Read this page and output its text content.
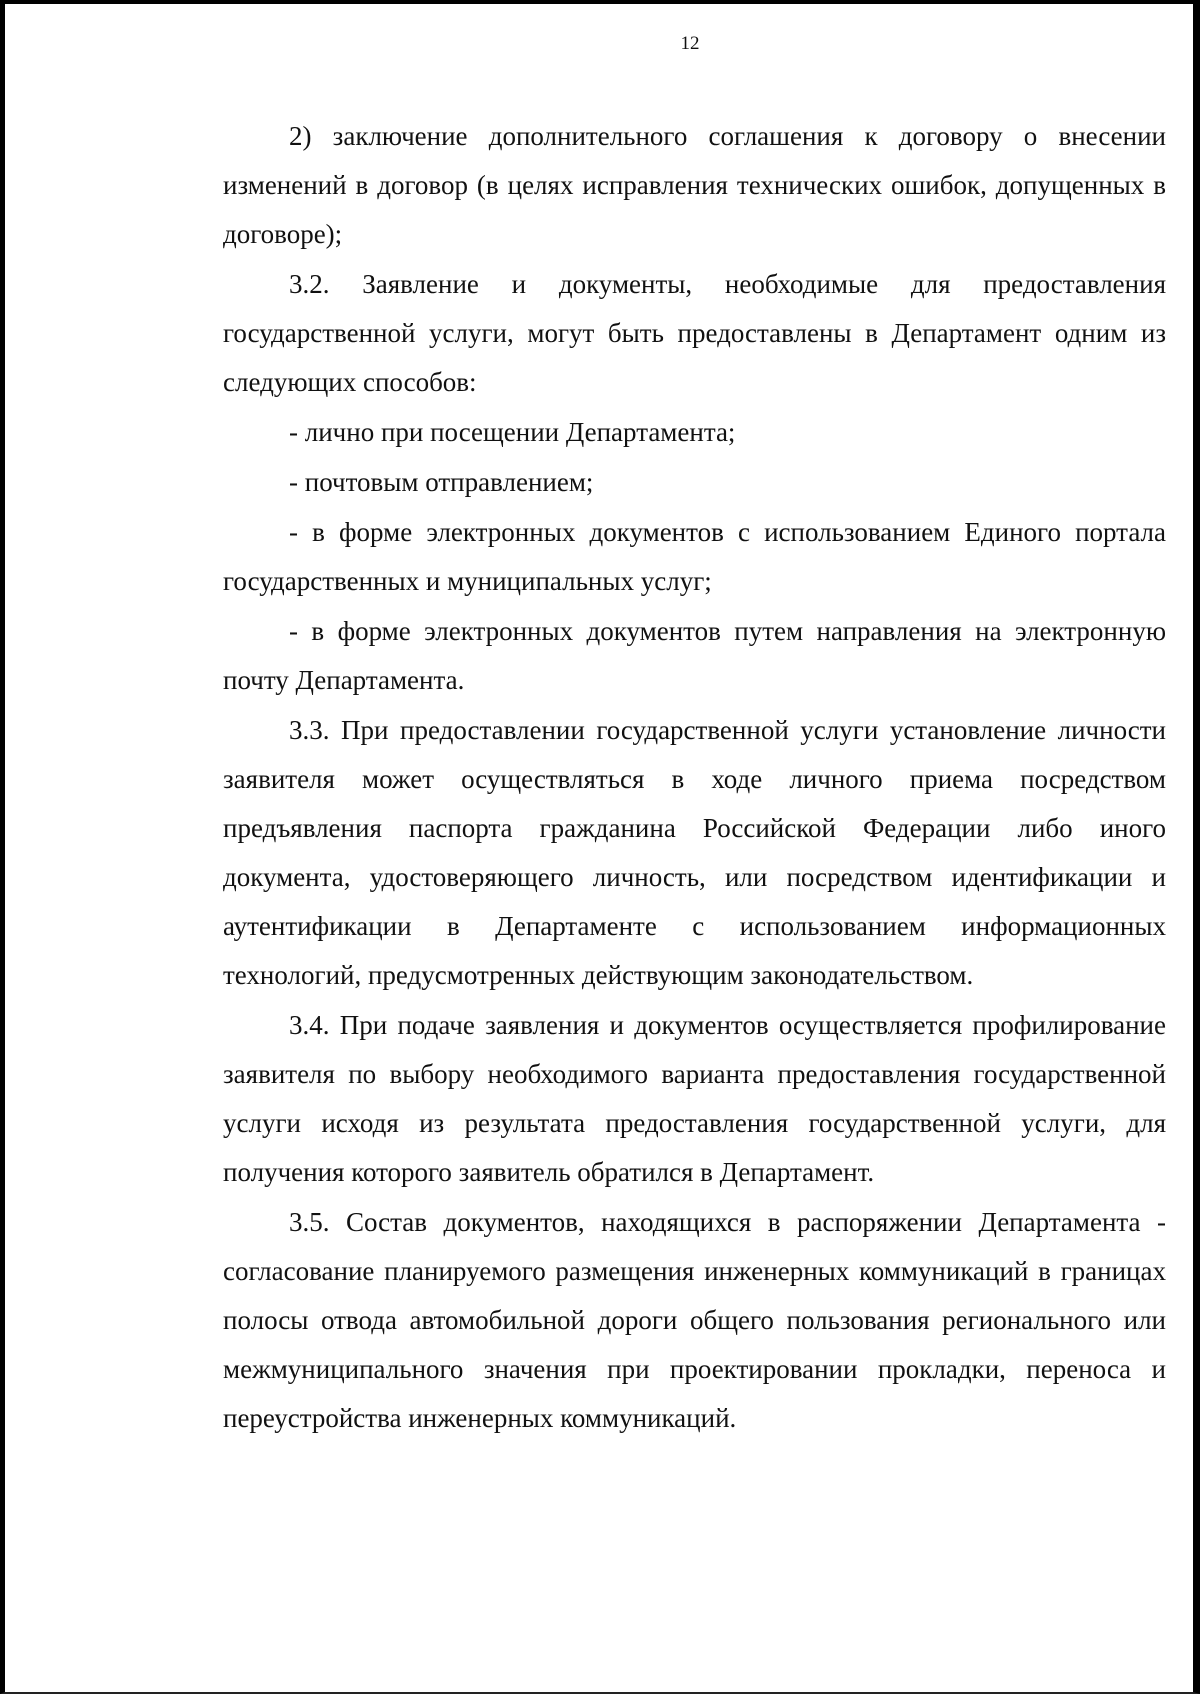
12

2) заключение дополнительного соглашения к договору о внесении изменений в договор (в целях исправления технических ошибок, допущенных в договоре);

3.2. Заявление и документы, необходимые для предоставления государственной услуги, могут быть предоставлены в Департамент одним из следующих способов:

- лично при посещении Департамента;

- почтовым отправлением;

- в форме электронных документов с использованием Единого портала государственных и муниципальных услуг;

- в форме электронных документов путем направления на электронную почту Департамента.

3.3. При предоставлении государственной услуги установление личности заявителя может осуществляться в ходе личного приема посредством предъявления паспорта гражданина Российской Федерации либо иного документа, удостоверяющего личность, или посредством идентификации и аутентификации в Департаменте с использованием информационных технологий, предусмотренных действующим законодательством.

3.4. При подаче заявления и документов осуществляется профилирование заявителя по выбору необходимого варианта предоставления государственной услуги исходя из результата предоставления государственной услуги, для получения которого заявитель обратился в Департамент.

3.5. Состав документов, находящихся в распоряжении Департамента - согласование планируемого размещения инженерных коммуникаций в границах полосы отвода автомобильной дороги общего пользования регионального или межмуниципального значения при проектировании прокладки, переноса и переустройства инженерных коммуникаций.
